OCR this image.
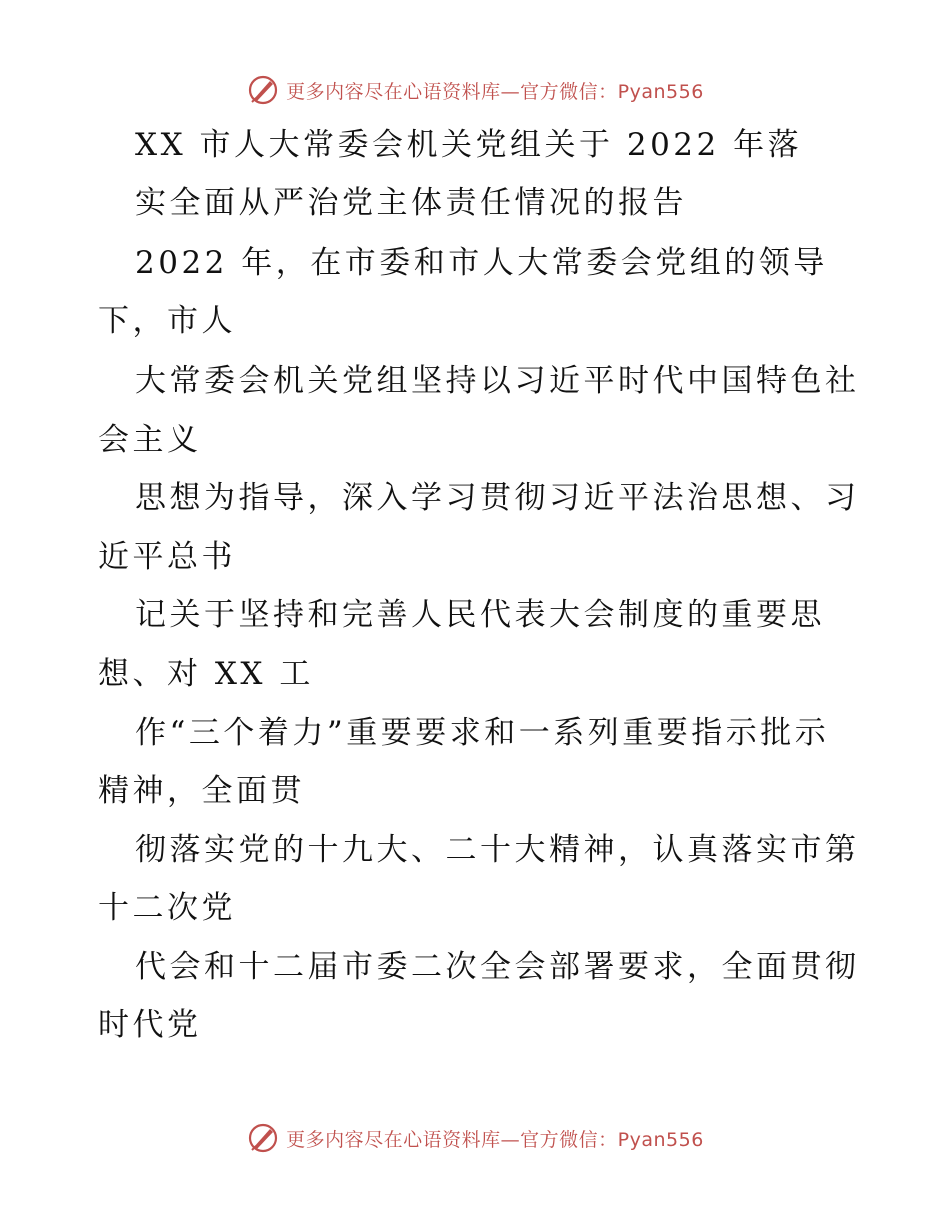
更多内容尽在心语资料库—官方微信：Pyan556
XX 市人大常委会机关党组关于 2022 年落
实全面从严治党主体责任情况的报告
2022 年，在市委和市人大常委会党组的领导
下，市人
大常委会机关党组坚持以习近平时代中国特色社
会主义
思想为指导，深入学习贯彻习近平法治思想、习
近平总书
记关于坚持和完善人民代表大会制度的重要思
想、对 XX 工
作“三个着力”重要要求和一系列重要指示批示
精神，全面贯
彻落实党的十九大、二十大精神，认真落实市第
十二次党
代会和十二届市委二次全会部署要求，全面贯彻
时代党
更多内容尽在心语资料库—官方微信：Pyan556
